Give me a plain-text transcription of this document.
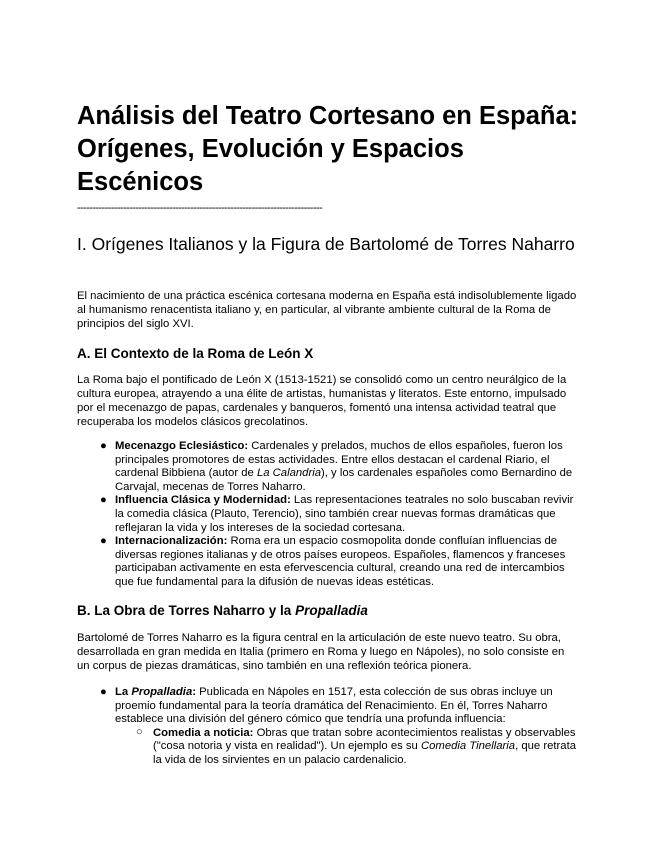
Análisis del Teatro Cortesano en España: Orígenes, Evolución y Espacios Escénicos
--------------------------------------------------------------------------------
I. Orígenes Italianos y la Figura de Bartolomé de Torres Naharro

El nacimiento de una práctica escénica cortesana moderna en España está indisolublemente ligado al humanismo renacentista italiano y, en particular, al vibrante ambiente cultural de la Roma de principios del siglo XVI.

A. El Contexto de la Roma de León X

La Roma bajo el pontificado de León X (1513-1521) se consolidó como un centro neurálgico de la cultura europea, atrayendo a una élite de artistas, humanistas y literatos. Este entorno, impulsado por el mecenazgo de papas, cardenales y banqueros, fomentó una intensa actividad teatral que recuperaba los modelos clásicos grecolatinos.

● Mecenazgo Eclesiástico: Cardenales y prelados, muchos de ellos españoles, fueron los principales promotores de estas actividades. Entre ellos destacan el cardenal Riario, el cardenal Bibbiena (autor de La Calandria), y los cardenales españoles como Bernardino de Carvajal, mecenas de Torres Naharro.
● Influencia Clásica y Modernidad: Las representaciones teatrales no solo buscaban revivir la comedia clásica (Plauto, Terencio), sino también crear nuevas formas dramáticas que reflejaran la vida y los intereses de la sociedad cortesana.
● Internacionalización: Roma era un espacio cosmopolita donde confluían influencias de diversas regiones italianas y de otros países europeos. Españoles, flamencos y franceses participaban activamente en esta efervescencia cultural, creando una red de intercambios que fue fundamental para la difusión de nuevas ideas estéticas.
B. La Obra de Torres Naharro y la Propalladia

Bartolomé de Torres Naharro es la figura central en la articulación de este nuevo teatro. Su obra, desarrollada en gran medida en Italia (primero en Roma y luego en Nápoles), no solo consiste en un corpus de piezas dramáticas, sino también en una reflexión teórica pionera.

● La Propalladia: Publicada en Nápoles en 1517, esta colección de sus obras incluye un proemio fundamental para la teoría dramática del Renacimiento. En él, Torres Naharro establece una división del género cómico que tendría una profunda influencia:
○ Comedia a noticia: Obras que tratan sobre acontecimientos realistas y observables ("cosa notoria y vista en realidad"). Un ejemplo es su Comedia Tinellaria, que retrata la vida de los sirvientes en un palacio cardenalicio.
